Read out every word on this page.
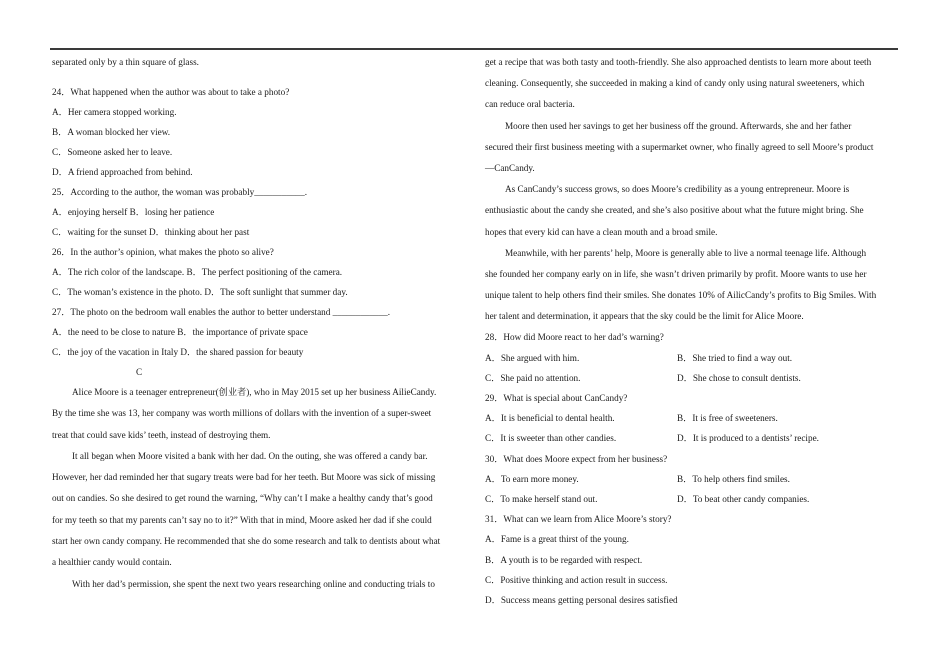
separated only by a thin square of glass.
24．What happened when the author was about to take a photo?
A．Her camera stopped working.
B．A woman blocked her view.
C．Someone asked her to leave.
D．A friend approached from behind.
25．According to the author, the woman was probably___________.
A．enjoying herself B．losing her patience
C．waiting for the sunset D．thinking about her past
26．In the author’s opinion, what makes the photo so alive?
A．The rich color of the landscape. B．The perfect positioning of the camera.
C．The woman’s existence in the photo. D．The soft sunlight that summer day.
27．The photo on the bedroom wall enables the author to better understand ____________.
A．the need to be close to nature B．the importance of private space
C．the joy of the vacation in Italy D．the shared passion for beauty
C
Alice Moore is a teenager entrepreneur(创业者), who in May 2015 set up her business AilieCandy.
By the time she was 13, her company was worth millions of dollars with the invention of a super-sweet
treat that could save kids’ teeth, instead of destroying them.
It all began when Moore visited a bank with her dad. On the outing, she was offered a candy bar.
However, her dad reminded her that sugary treats were bad for her teeth. But Moore was sick of missing
out on candies. So she desired to get round the warning, “Why can’t I make a healthy candy that’s good
for my teeth so that my parents can’t say no to it?” With that in mind, Moore asked her dad if she could
start her own candy company. He recommended that she do some research and talk to dentists about what
a healthier candy would contain.
With her dad’s permission, she spent the next two years researching online and conducting trials to
get a recipe that was both tasty and tooth-friendly. She also approached dentists to learn more about teeth
cleaning. Consequently, she succeeded in making a kind of candy only using natural sweeteners, which
can reduce oral bacteria.
Moore then used her savings to get her business off the ground. Afterwards, she and her father
secured their first business meeting with a supermarket owner, who finally agreed to sell Moore’s product
—CanCandy.
As CanCandy’s success grows, so does Moore’s credibility as a young entrepreneur. Moore is
enthusiastic about the candy she created, and she’s also positive about what the future might bring. She
hopes that every kid can have a clean mouth and a broad smile.
Meanwhile, with her parents’ help, Moore is generally able to live a normal teenage life. Although
she founded her company early on in life, she wasn’t driven primarily by profit. Moore wants to use her
unique talent to help others find their smiles. She donates 10% of AilicCandy’s profits to Big Smiles. With
her talent and determination, it appears that the sky could be the limit for Alice Moore.
28．How did Moore react to her dad’s warning?
A．She argued with him.	B．She tried to find a way out.
C．She paid no attention.	D．She chose to consult dentists.
29．What is special about CanCandy?
A．It is beneficial to dental health.	B．It is free of sweeteners.
C．It is sweeter than other candies.	D．It is produced to a dentists’ recipe.
30．What does Moore expect from her business?
A．To earn more money.	B．To help others find smiles.
C．To make herself stand out.	D．To beat other candy companies.
31．What can we learn from Alice Moore’s story?
A．Fame is a great thirst of the young.
B．A youth is to be regarded with respect.
C．Positive thinking and action result in success.
D．Success means getting personal desires satisfied
